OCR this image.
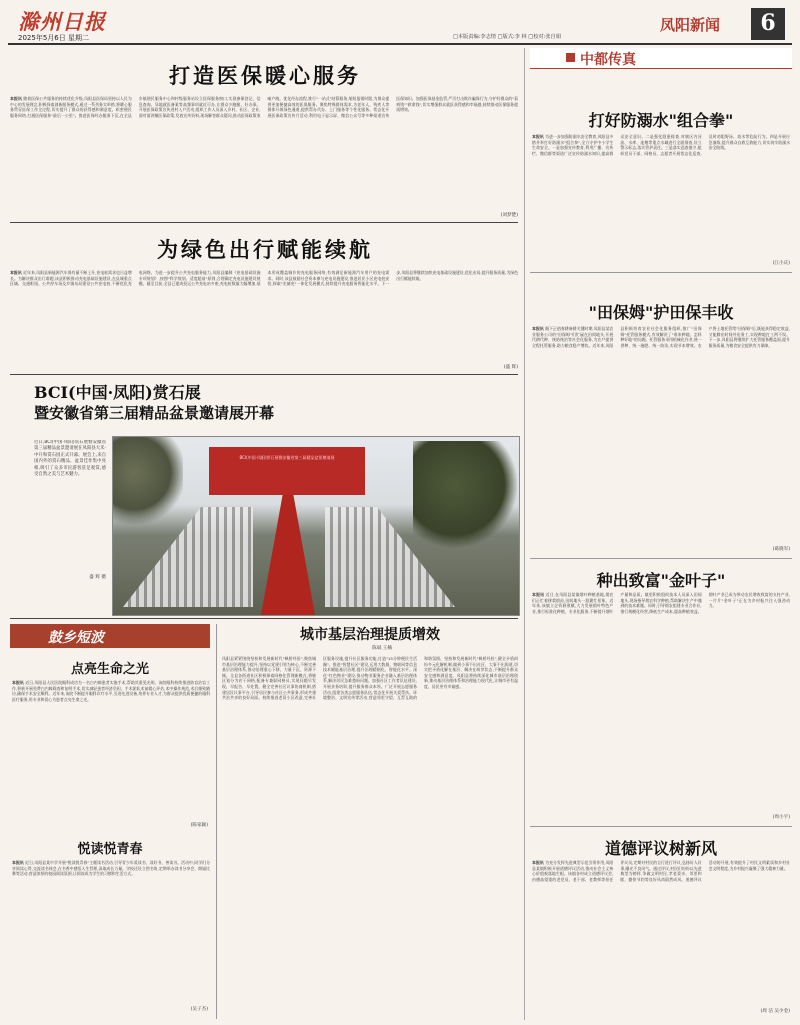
滁州日报
2025年5月6日 星期二	□本版责编:李志情 □版式:李 林 □校对:张自娟
凤阳新闻	6
打造医保暖心服务
本报讯 随着医保公共服务的持续优化升级,凤阳县医保局坚持以人民为中心的发展理念,积极探索创新服务模式,通过一系列务实举措,将暖心服务贯穿医保工作全过程,切实提升了群众的获得感和满意度。织密便民服务网络,打通医保服务"最后一公里"。推进医保经办服务下沉,在全县乡镇便民服务中心和村级服务站设立医保服务窗口,实现参保登记、信息查询、异地就医备案等高频事项就近可办,让群众少跑腿、好办事。开展医保政策宣传进村入户活动,组织工作人员深入乡村、社区、企业,面对面讲解医保政策,发放宣传资料,现场解答群众疑问,推动医保政策家喻户晓。优化经办流程,推行"一站式"结算服务,缩短报销时限,为群众提供更加便捷高效的医保服务。聚焦特殊群体需求,为老年人、残疾人等群体开辟绿色通道,提供帮办代办、上门服务等个性化服务。常态化开展医保政策宣传月活动,利用电子显示屏、微信公众号等多种渠道宣传医保知识。加强医保基金监管,严厉打击欺诈骗保行为,守护好群众的"看病钱""救命钱",切实增强群众就医获得感和幸福感,持续推动医保服务提质增效。
(刘梦楚)
为绿色出行赋能续航
本报讯 近年来,凤阳县新能源汽车保有量不断上升,充电桩需求也日益增长。为解决群众出行难题,该县积极推动充电基础设施建设,在县城重点区域、交通枢纽、公共停车场及乡镇布局建设公共充电桩,不断优化充电网络。为进一步提升公共充电服务能力,凤阳县编制《充电基础设施专项规划》,按照"科学规划、适度超前"原则,合理确定充电设施建设规模。截至目前,全县已建成投运公共充电站多座,充电桩数量大幅增加,基本形成覆盖城乡的充电服务网络,有效满足新能源汽车用户的充电需求。同时,该县鼓励社会资本参与充电设施建设,推进居民小区充电桩安装,探索"光储充"一体化发展模式,持续提升充电服务智能化水平。下一步,凤阳县将继续加快充电基础设施建设,优化布局,提升服务质量,为绿色出行赋能续航。
(盛 辉)
BCI(中国·凤阳)赏石展
暨安徽省第三届精品盆景邀请展开幕
近日,BCI(中国·凤阳)赏石展暨安徽省第三届精品盆景邀请展在凤阳县大禾·中升和赏石园正式开幕。展会上,来自国内外的赏石精品、盆景佳作集中亮相,吸引了众多市民游客驻足观赏,感受自然之美与艺术魅力。
盛 辉 摄
BCI(中国·凤阳)赏石展暨安徽省第三届精品盆景邀请展
鼓乡短波
点亮生命之光
本报讯 近日,凤阳县人民医院眼科成功为一名白内障患者实施手术,帮助其重见光明。该院眼科持续推进防盲治盲工作,积极开展免费白内障筛查和复明手术,切实减轻患者经济负担。手术团队术前精心评估,术中操作规范,术后细致随访,确保手术安全顺利。近年来,该院不断提升眼科诊疗水平,引进先进设备,培养专业人才,为群众提供优质便捷的眼科医疗服务,用专业和爱心为患者点亮生命之光。
(陈家颖)
悦读悦青春
本报讯 近日,凤阳县某中学开展"悦读悦青春"主题读书活动,引导青少年爱读书、读好书、善读书。活动中,同学们分享阅读心得,交流读书体会,在书香中感悟人生哲理,汲取成长力量。学校还设立图书角,定期举办读书分享会、朗诵比赛等活动,营造浓厚的校园阅读氛围,让阅读成为学生的习惯和生活方式。
(吴子杰)
城市基层治理提质增效
陈斌 王楠
凤阳县紧紧围绕坚持和发展新时代"枫桥经验",聚焦城市基层治理能力提升,坚持以党建引领为核心,不断完善基层治理体系,推动治理重心下移、力量下沉、资源下倾。全县各街道社区积极探索网格化管理新模式,将辖区划分为若干网格,配备专兼职网格员,实现问题早发现、早报告、早处置。健全完善社区议事协商机制,搭建居民议事平台,引导居民参与社区公共事务,形成共建共治共享的良好局面。持续推进老旧小区改造,完善社区服务设施,提升社区服务功能,打造"15分钟便民生活圈"。推进"智慧社区"建设,运用大数据、物联网等信息技术赋能基层治理,提升治理精细化、智能化水平。深化"红色物业"建设,推动物业服务企业融入基层治理体系,解决居民急难愁盼问题。加强社区工作者队伍建设,开展业务培训,提升服务群众本领。广泛开展志愿服务活动,组建各类志愿服务队伍,常态化开展关爱帮扶、环境整治、文明宣传等活动,营造邻里守望、互帮互助的和谐氛围。坚持和发展新时代"枫桥经验",健全矛盾纠纷多元化解机制,做到小事不出社区、大事不出街道,切实把矛盾化解在基层、解决在萌芽状态,不断提升群众安全感和满意度。凤阳县将持续深化城市基层治理创新,推动基层治理体系和治理能力现代化,让城市更有温度、居民更有幸福感。
中都传真
打好防溺水"组合拳"
本报讯 为进一步加强防溺水安全教育,凤阳县多措并举打好防溺水"组合拳",全力守护中小学生生命安全。一是加强宣传教育,利用广播、宣传栏、微信群等渠道广泛宣传防溺水知识,提高群众安全意识。二是强化隐患排查,对辖区内河流、水库、池塘等重点水域进行全面排查,设立警示标志,落实管护责任。三是落实巡查值守,组织党员干部、网格员、志愿者开展常态化巡查,及时劝阻野泳、戏水等危险行为。四是开展应急演练,提升群众自救互救能力,切实筑牢防溺水安全防线。
(江小庆)
"田保姆"护田保丰收
本报讯 眼下正值春耕备耕关键时期,凤阳县某农业服务公司的"田保姆"们忙碌在田间地头,开展代耕代种、统防统治等社会化服务,为农户提供全程托管服务,助力粮食稳产增收。近年来,凤阳县积极培育农业社会化服务组织,推广"田保姆"托管服务模式,有效解决了"谁来种地、怎样种好地"的问题。托管服务采用机械化作业,统一供种、统一施肥、统一防治,实现节本增效。农户将土地托管给"田保姆"后,既能获得稳定收益,又能腾出时间外出务工,实现种地打工两不误。下一步,凤阳县将继续扩大托管服务覆盖面,提升服务质量,为粮食安全提供有力保障。
(葛晓军)
种出致富"金叶子"
本报讯 近日,在凤阳县某镇烟叶种植基地,烟农们正忙着移栽烟苗,田间地头一派繁忙景象。近年来,该镇立足资源禀赋,大力发展烟叶特色产业,推行标准化种植、专业化服务,不断提升烟叶产量和品质。镇里积极组织技术人员深入田间地头,现场指导烟农科学种植,帮助解决生产中遇到的技术难题。同时,引导烟农组建专业合作社,推行规模化经营,降低生产成本,提高种植效益。烟叶产业已成为带动农民增收致富的支柱产业,一片片"金叶子"正在为乡村振兴注入强劲动力。
(周小宇)
道德评议树新风
本报讯 为充分发挥先进典型示范引领作用,凤阳县某镇积极开展道德评议活动,推动社会主义核心价值观落地生根。该镇各村成立道德评议会,由德高望重的老党员、老干部、老教师等担任评议员,定期对村民的言行进行评议,弘扬好人好事,曝光不良风气。通过评议,村民们纷纷以先进典型为榜样,争做文明村民,孝老爱亲、邻里和睦、勤俭节约等良好风尚蔚然成风。道德评议活动的开展,有效提升了村民文明素质和乡村社会文明程度,为乡村振兴凝聚了强大精神力量。
(周 洁 吴少金)
